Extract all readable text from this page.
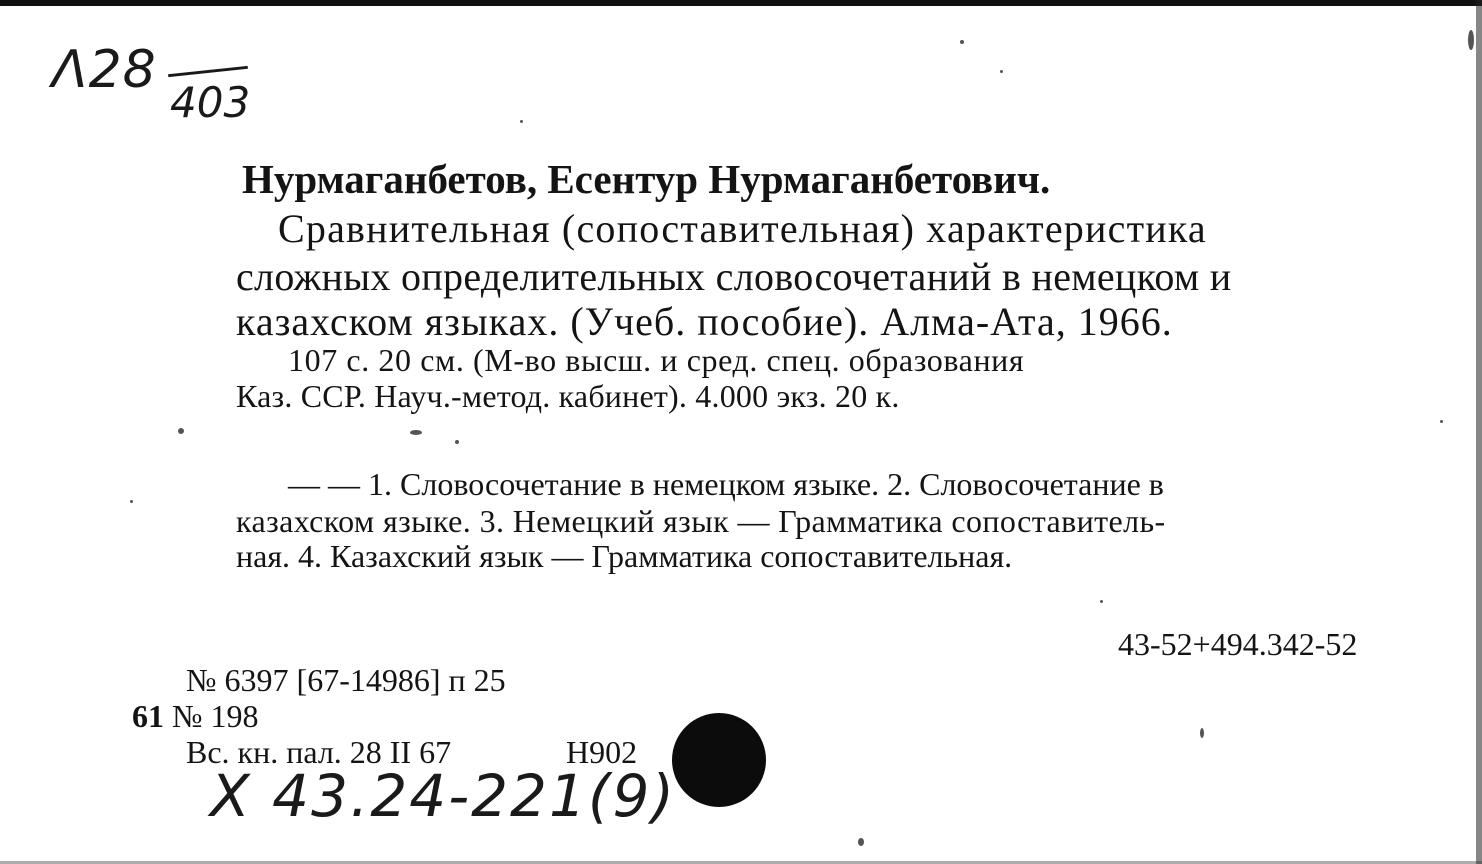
Λ28
403
Нурмаганбетов, Есентур Нурмаганбетович.
Сравнительная (сопоставительная) характеристика
сложных определительных словосочетаний в немецком и
казахском языках. (Учеб. пособие). Алма-Ата, 1966.
107 с. 20 см. (М-во высш. и сред. спец. образования
Каз. ССР. Науч.-метод. кабинет). 4.000 экз. 20 к.
— — 1. Словосочетание в немецком языке. 2. Словосочетание в
казахском языке. 3. Немецкий язык — Грамматика сопоставитель-
ная. 4. Казахский язык — Грамматика сопоставительная.
43-52+494.342-52
№ 6397 [67-14986] п 25
61 № 198
Вс. кн. пал. 28 II 67	Н902
Х 43.24-221(9)
